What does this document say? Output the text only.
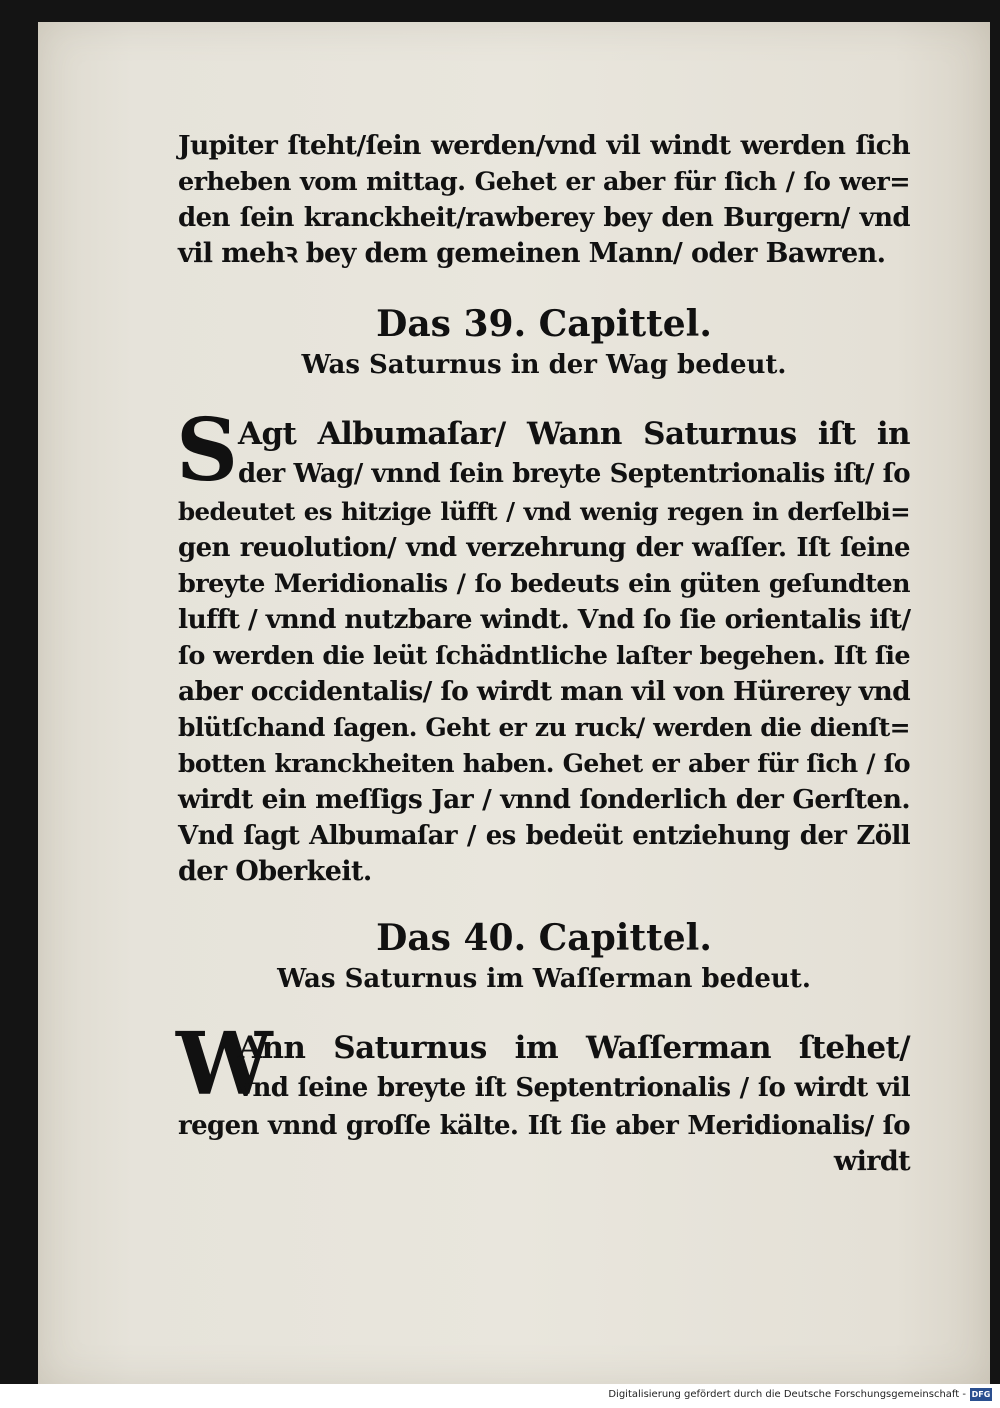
Jupiter ſteht/ſein werden/vnd vil windt werden ſich
erheben vom mittag. Gehet er aber für ſich / ſo wer=
den ſein kranckheit/rawberey bey den Burgern/ vnd
vil mehꝛ bey dem gemeinen Mann/ oder Bawren.
Das 39. Capittel.
Was Saturnus in der Wag bedeut.
S Agt Albumaſar/ Wann Saturnus iſt in
der Wag/ vnnd ſein breyte Septentrionalis iſt/ ſo
bedeutet es hitzige lüfft / vnd wenig regen in derſelbi=
gen reuolution/ vnd verzehrung der waſſer. Iſt ſeine
breyte Meridionalis / ſo bedeuts ein güten geſundten
lufft / vnnd nutzbare windt. Vnd ſo ſie orientalis iſt/
ſo werden die leüt ſchädntliche laſter begehen. Iſt ſie
aber occidentalis/ ſo wirdt man vil von Hürerey vnd
blütſchand ſagen. Geht er zu ruck/ werden die dienſt=
botten kranckheiten haben. Gehet er aber für ſich / ſo
wirdt ein meſſigs Jar / vnnd ſonderlich der Gerſten.
Vnd ſagt Albumaſar / es bedeüt entziehung der Zöll
der Oberkeit.
Das 40. Capittel.
Was Saturnus im Waſſerman bedeut.
W
Ann Saturnus im Waſſerman ſtehet/
vnd ſeine breyte iſt Septentrionalis / ſo wirdt vil
regen vnnd groſſe kälte. Iſt ſie aber Meridionalis/ ſo
wirdt
Digitalisierung gefördert durch die Deutsche Forschungsgemeinschaft - DFG
